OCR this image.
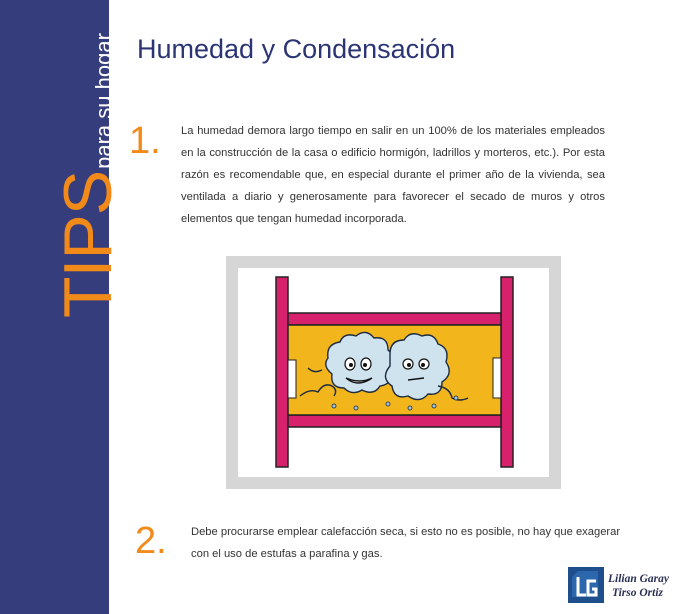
TIPSpara su hogar Humedad y Condensación
1. La humedad demora largo tiempo en salir en un 100% de los materiales empleados en la construcción de la casa o edificio hormigón, ladrillos y morteros, etc.). Por esta razón es recomendable que, en especial durante el primer año de la vivienda, sea ventilada a diario y generosamente para favorecer el secado de muros y otros elementos que tengan humedad incorporada.

2. Debe procurarse emplear calefacción seca, si esto no es posible, no hay que exagerar con el uso de estufas a parafina y gas.

Lilian Garay
Tirso Ortiz
